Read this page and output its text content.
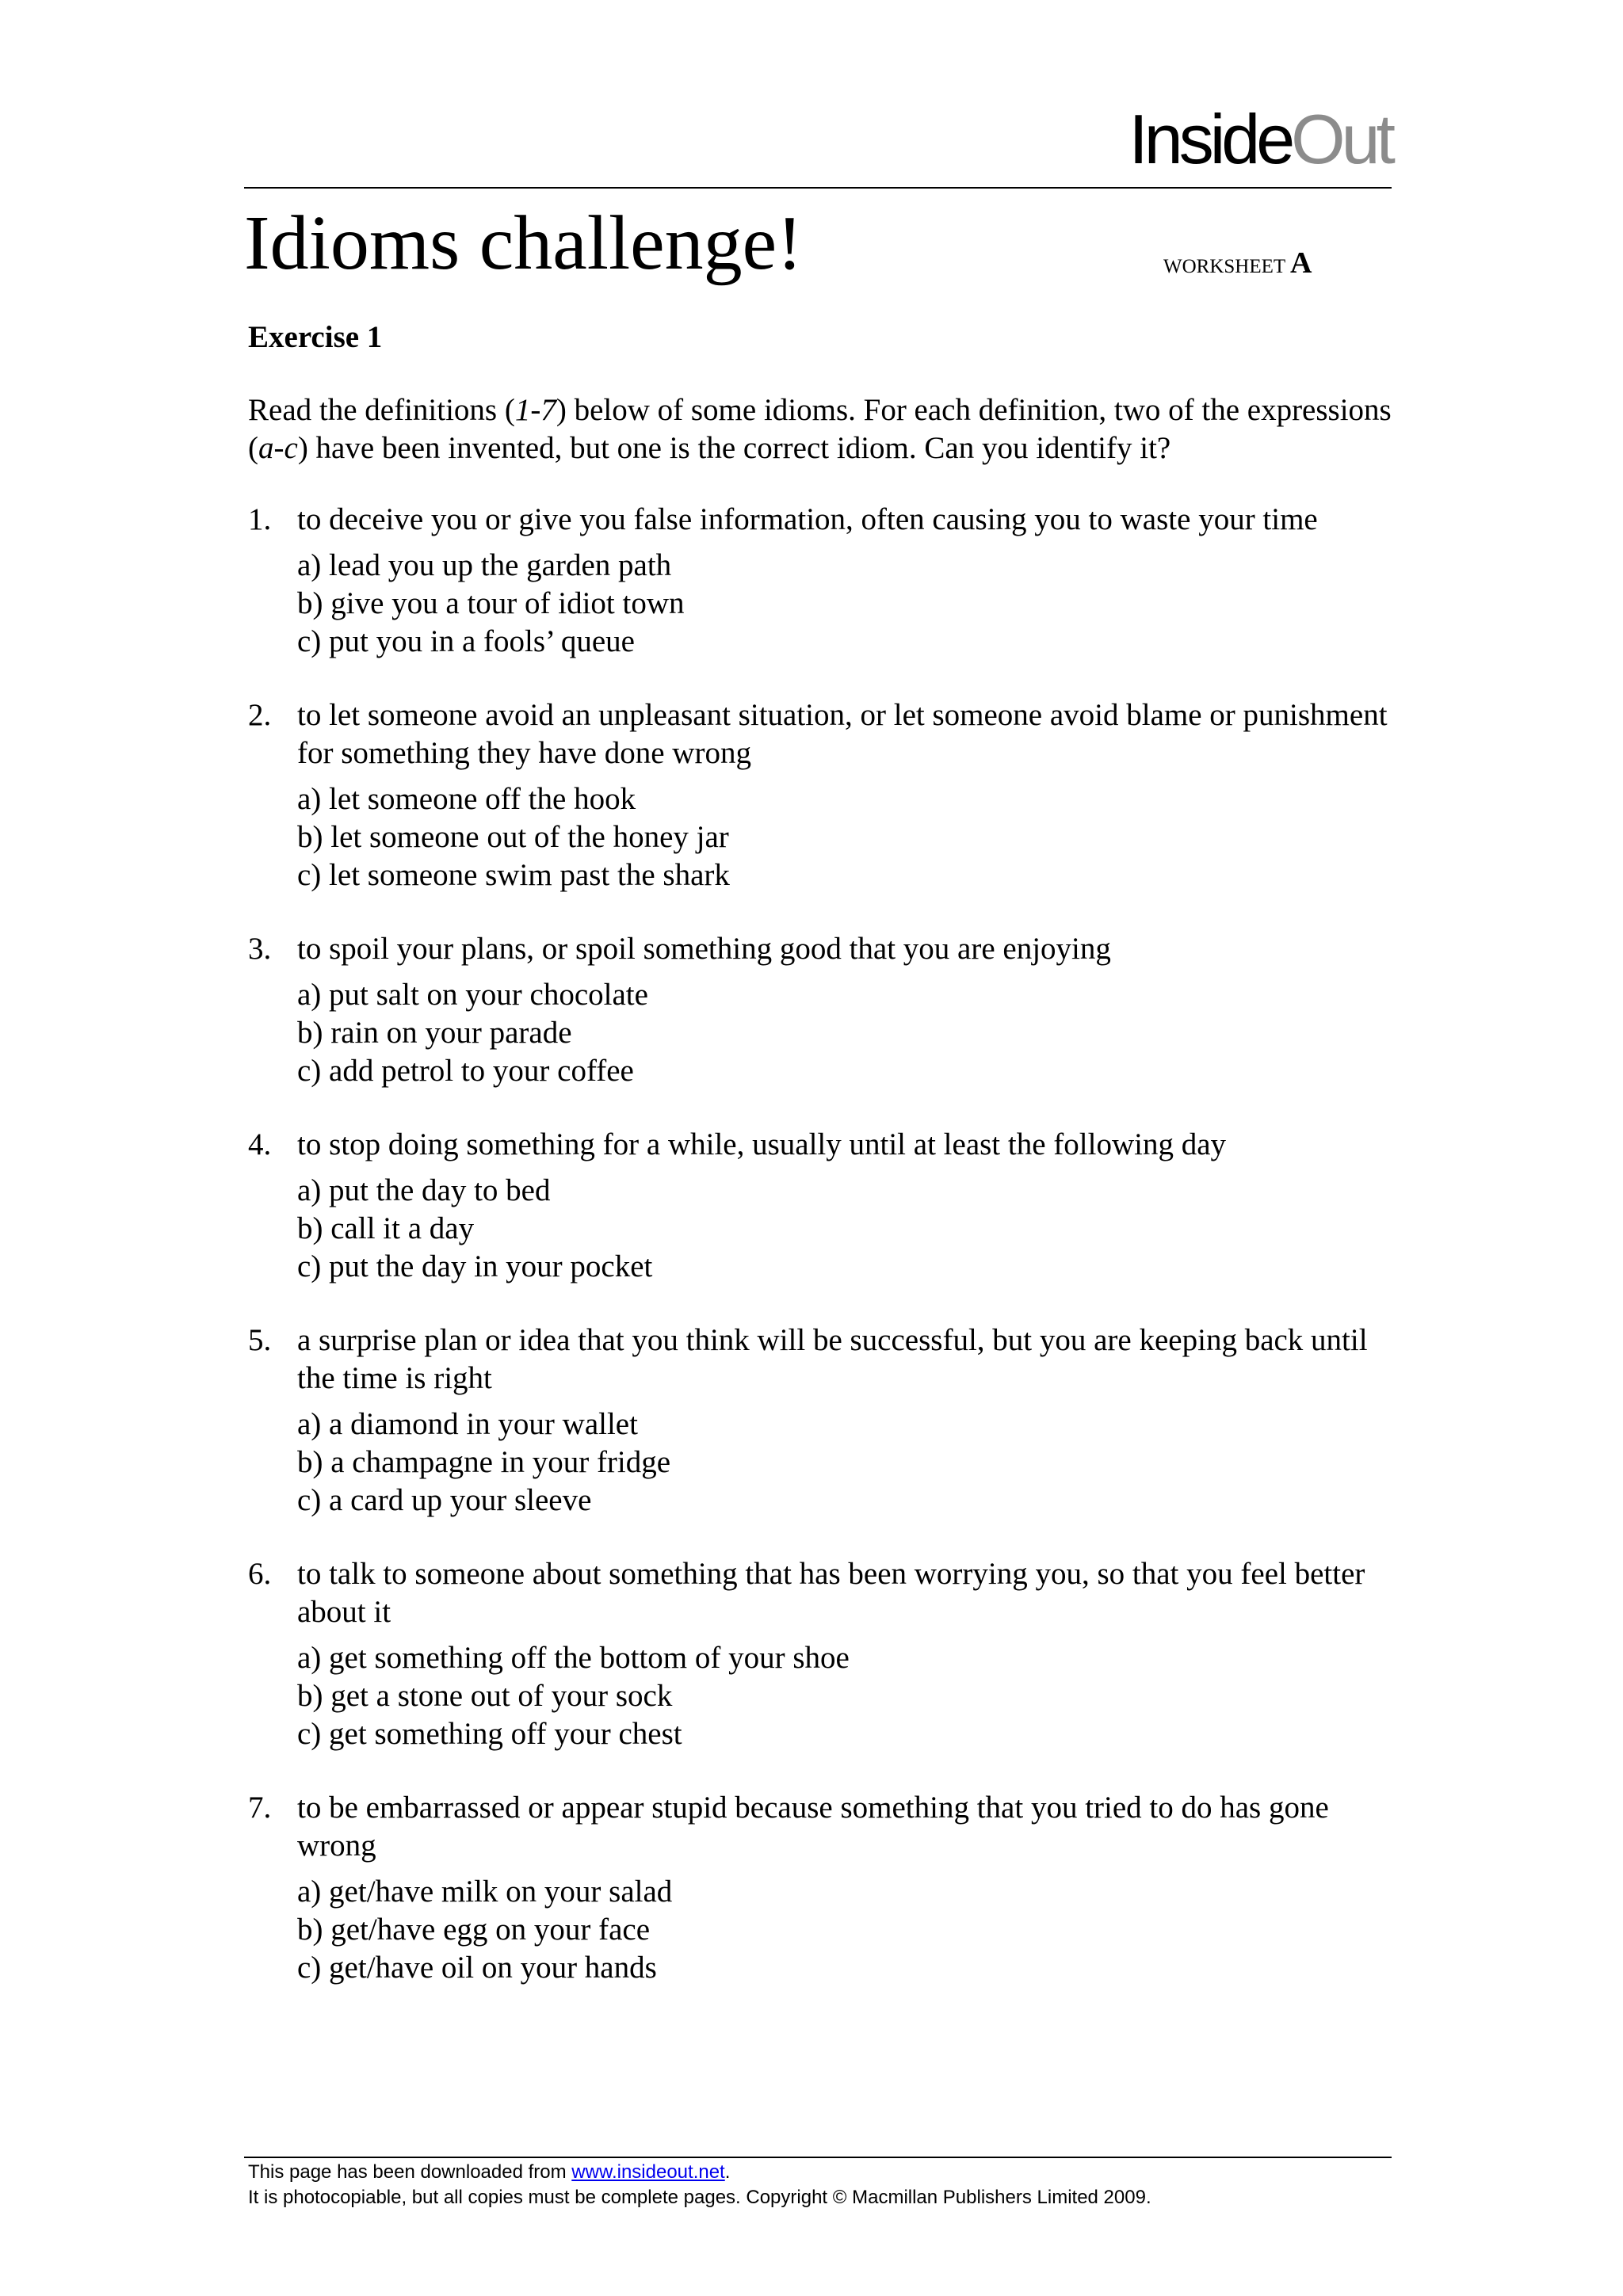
InsideOut
Idioms challenge!	WORKSHEET A
Exercise 1
Read the definitions (1-7) below of some idioms. For each definition, two of the expressions (a-c) have been invented, but one is the correct idiom. Can you identify it?
1. to deceive you or give you false information, often causing you to waste your time
a) lead you up the garden path
b) give you a tour of idiot town
c) put you in a fools’ queue
2. to let someone avoid an unpleasant situation, or let someone avoid blame or punishment for something they have done wrong
a) let someone off the hook
b) let someone out of the honey jar
c) let someone swim past the shark
3. to spoil your plans, or spoil something good that you are enjoying
a) put salt on your chocolate
b) rain on your parade
c) add petrol to your coffee
4. to stop doing something for a while, usually until at least the following day
a) put the day to bed
b) call it a day
c) put the day in your pocket
5. a surprise plan or idea that you think will be successful, but you are keeping back until the time is right
a) a diamond in your wallet
b) a champagne in your fridge
c) a card up your sleeve
6. to talk to someone about something that has been worrying you, so that you feel better about it
a) get something off the bottom of your shoe
b) get a stone out of your sock
c) get something off your chest
7. to be embarrassed or appear stupid because something that you tried to do has gone wrong
a) get/have milk on your salad
b) get/have egg on your face
c) get/have oil on your hands
This page has been downloaded from www.insideout.net.
It is photocopiable, but all copies must be complete pages. Copyright © Macmillan Publishers Limited 2009.
